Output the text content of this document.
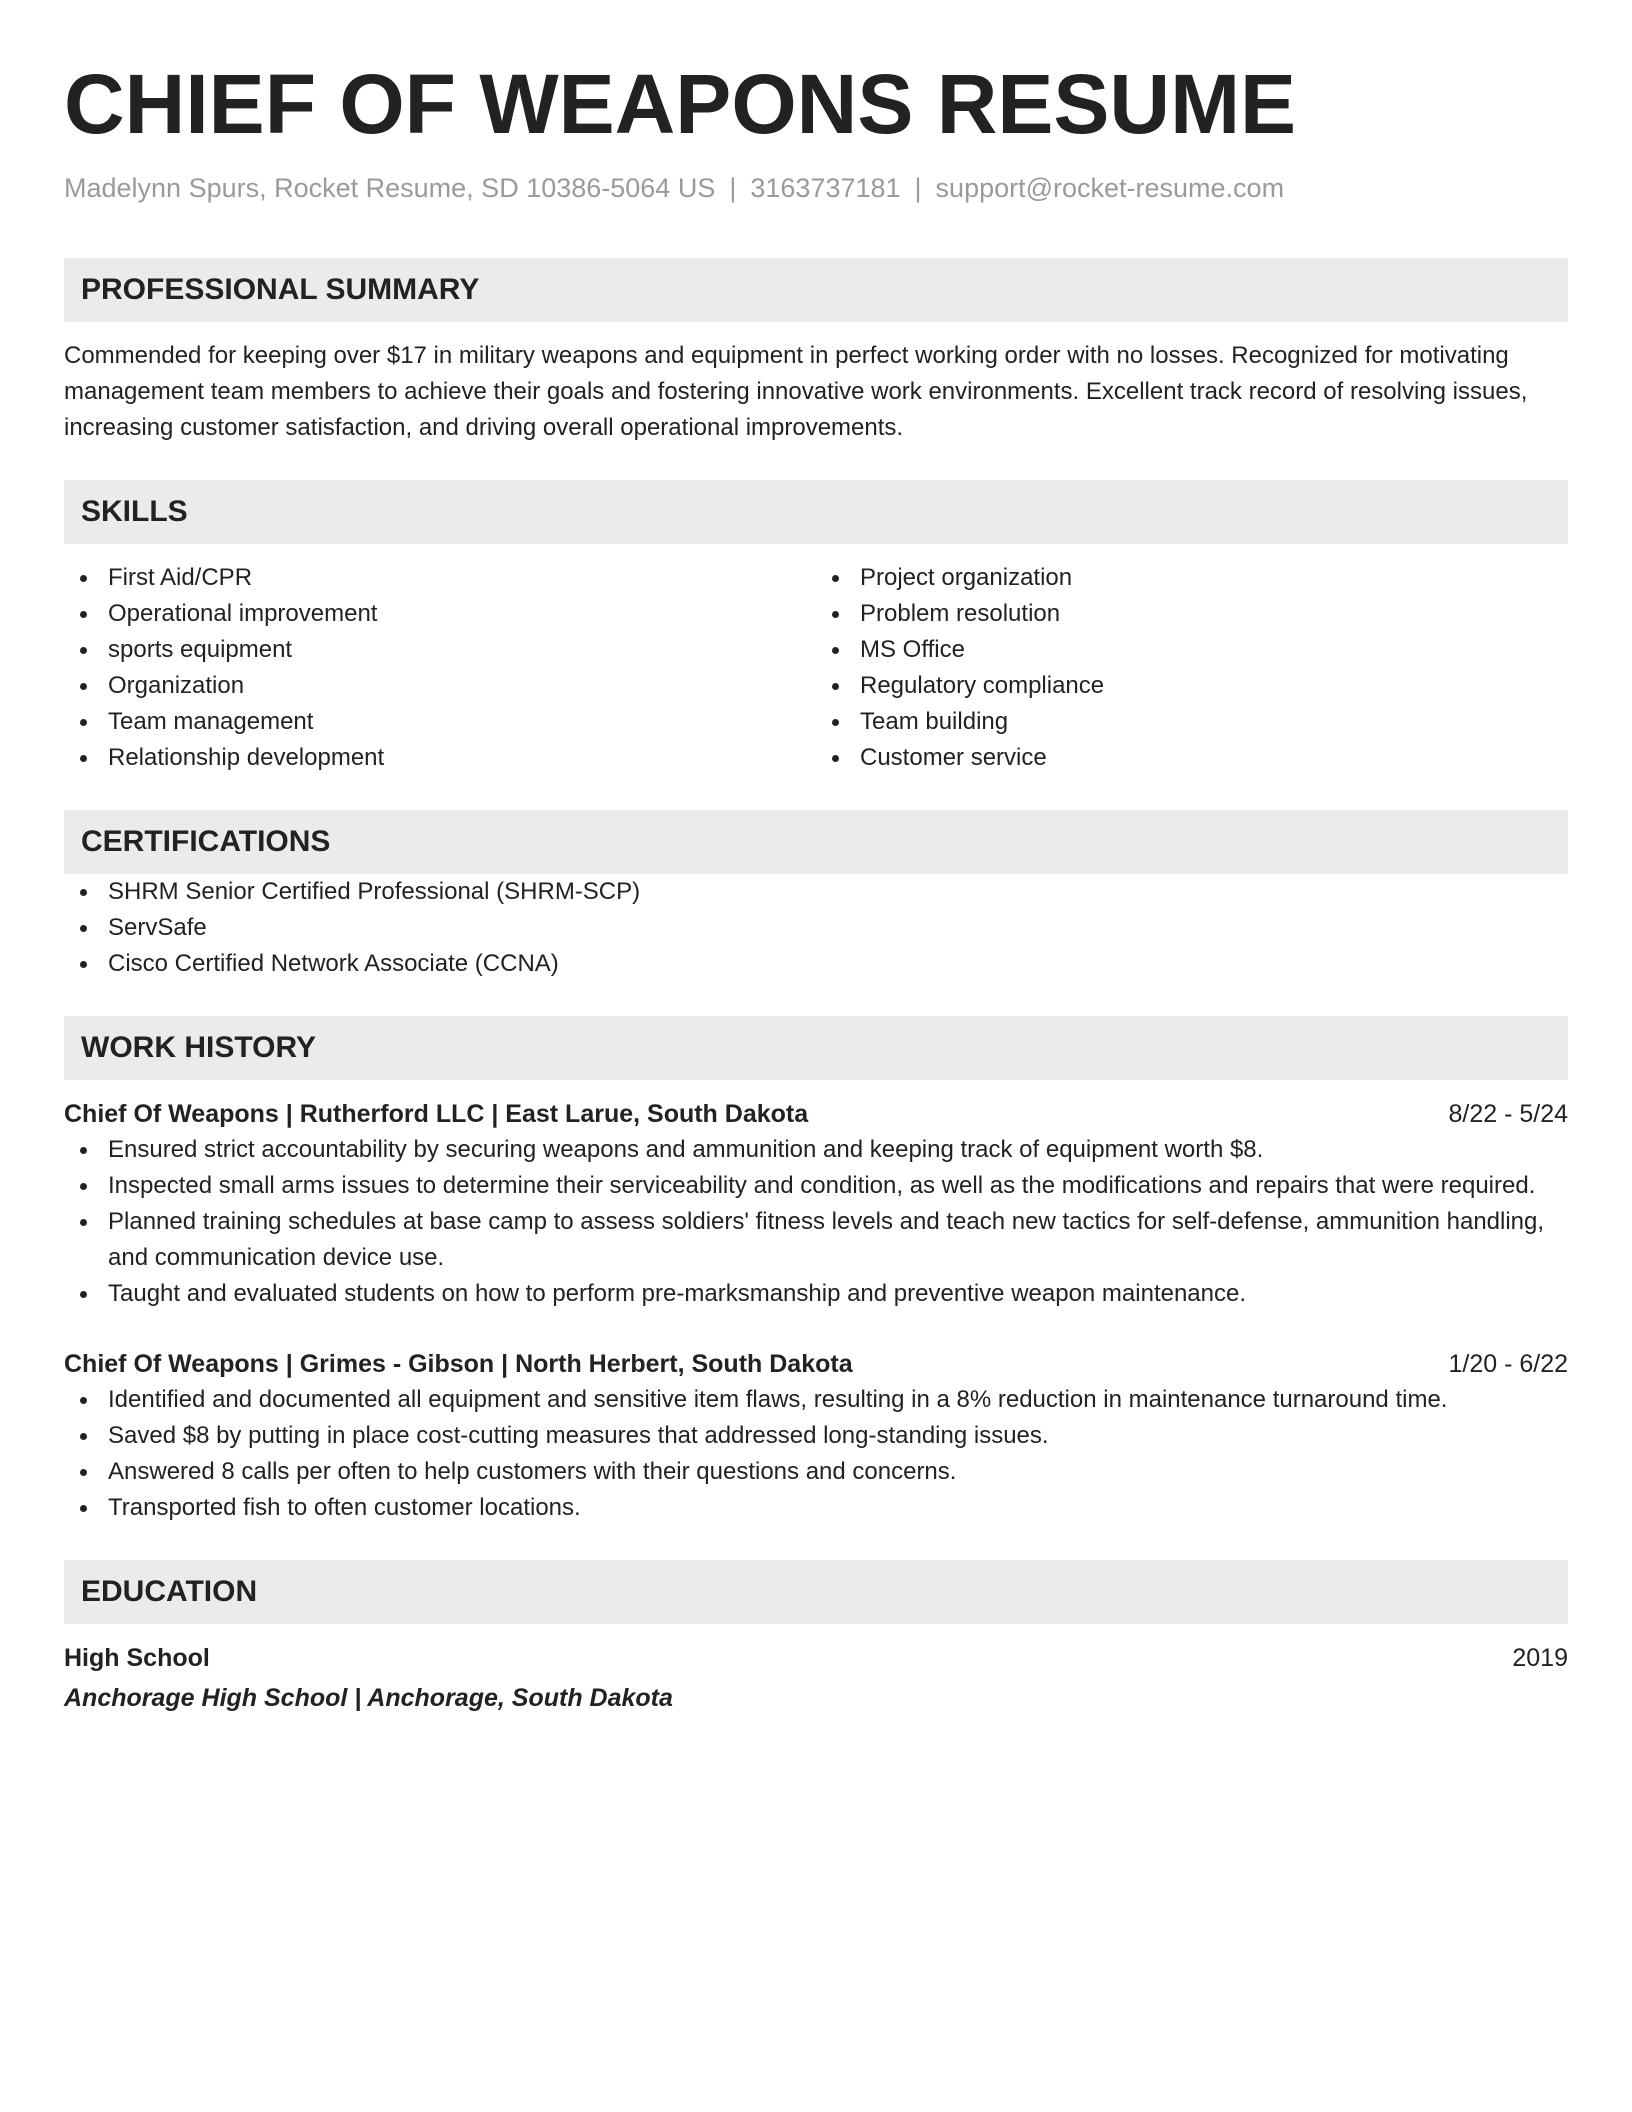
CHIEF OF WEAPONS RESUME
Madelynn Spurs, Rocket Resume, SD 10386-5064 US | 3163737181 | support@rocket-resume.com
PROFESSIONAL SUMMARY

Commended for keeping over $17 in military weapons and equipment in perfect working order with no losses. Recognized for motivating management team members to achieve their goals and fostering innovative work environments. Excellent track record of resolving issues, increasing customer satisfaction, and driving overall operational improvements.

SKILLS
First Aid/CPR
Operational improvement
sports equipment
Organization
Team management
Relationship development
Project organization
Problem resolution
MS Office
Regulatory compliance
Team building
Customer service
CERTIFICATIONS
SHRM Senior Certified Professional (SHRM-SCP)
ServSafe
Cisco Certified Network Associate (CCNA)
WORK HISTORY
Chief Of Weapons | Rutherford LLC | East Larue, South Dakota	8/22 - 5/24
Ensured strict accountability by securing weapons and ammunition and keeping track of equipment worth $8.
Inspected small arms issues to determine their serviceability and condition, as well as the modifications and repairs that were required.
Planned training schedules at base camp to assess soldiers' fitness levels and teach new tactics for self-defense, ammunition handling, and communication device use.
Taught and evaluated students on how to perform pre-marksmanship and preventive weapon maintenance.
Chief Of Weapons | Grimes - Gibson | North Herbert, South Dakota	1/20 - 6/22
Identified and documented all equipment and sensitive item flaws, resulting in a 8% reduction in maintenance turnaround time.
Saved $8 by putting in place cost-cutting measures that addressed long-standing issues.
Answered 8 calls per often to help customers with their questions and concerns.
Transported fish to often customer locations.
EDUCATION
High School	2019
Anchorage High School | Anchorage, South Dakota
